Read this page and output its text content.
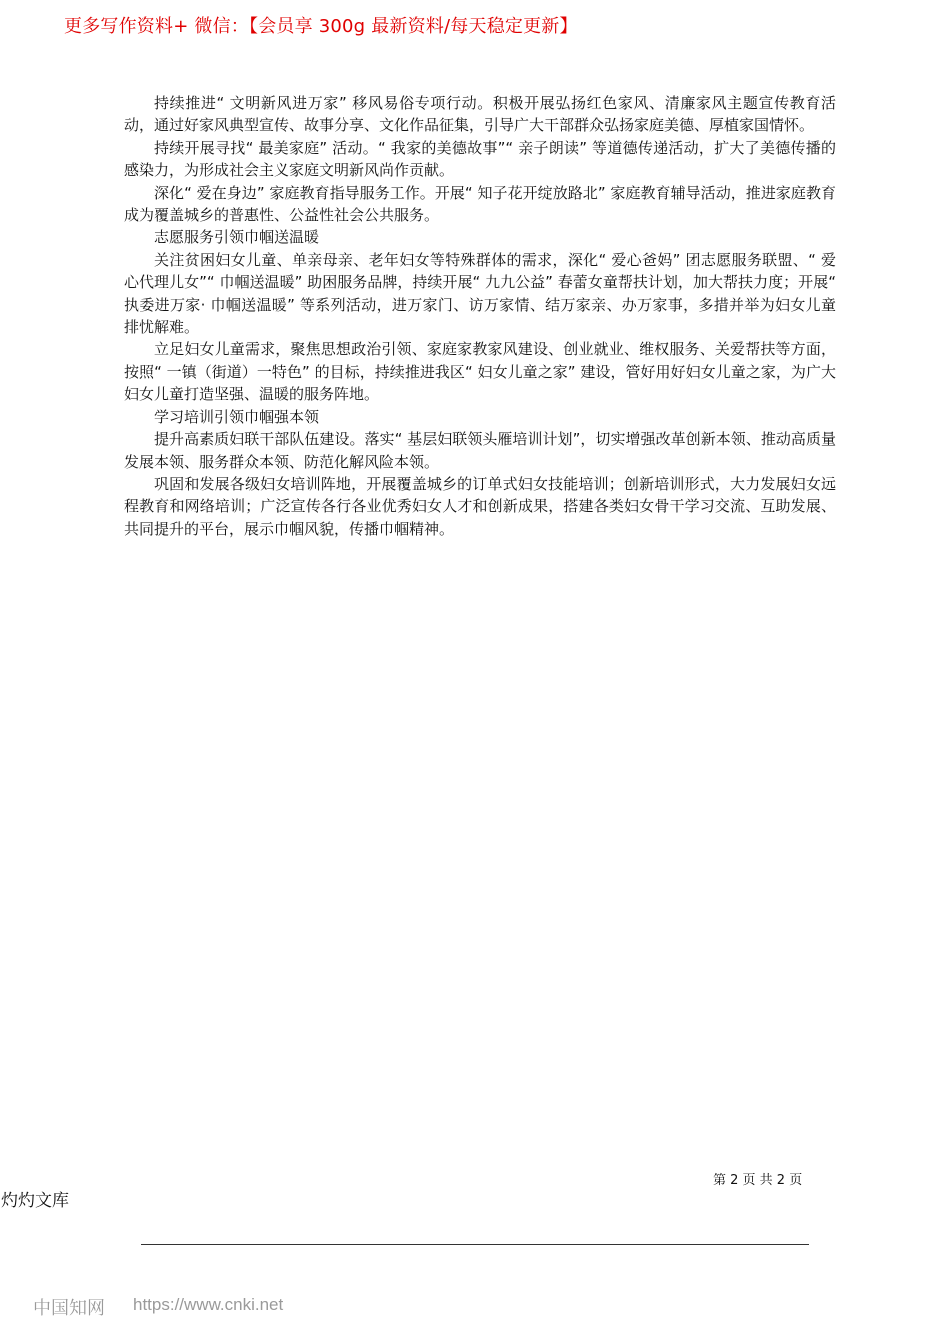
更多写作资料+ 微信：【会员享 300g 最新资料/每天稳定更新】

持续推进“ 文明新风进万家” 移风易俗专项行动。积极开展弘扬红色家风、清廉家风主题宣传教育活动，通过好家风典型宣传、故事分享、文化作品征集，引导广大干部群众弘扬家庭美德、厚植家国情怀。

持续开展寻找“ 最美家庭” 活动。“ 我家的美德故事”“ 亲子朗读” 等道德传递活动，扩大了美德传播的感染力，为形成社会主义家庭文明新风尚作贡献。

深化“ 爱在身边” 家庭教育指导服务工作。开展“ 知子花开绽放路北” 家庭教育辅导活动，推进家庭教育成为覆盖城乡的普惠性、公益性社会公共服务。

志愿服务引领巾帼送温暖

关注贫困妇女儿童、单亲母亲、老年妇女等特殊群体的需求，深化“ 爱心爸妈” 团志愿服务联盟、“ 爱心代理儿女”“ 巾帼送温暖” 助困服务品牌，持续开展“ 九九公益” 春蕾女童帮扶计划，加大帮扶力度；开展“ 执委进万家· 巾帼送温暖” 等系列活动，进万家门、访万家情、结万家亲、办万家事，多措并举为妇女儿童排忧解难。

立足妇女儿童需求，聚焦思想政治引领、家庭家教家风建设、创业就业、维权服务、关爱帮扶等方面，按照“ 一镇（街道）一特色” 的目标，持续推进我区“ 妇女儿童之家” 建设，管好用好妇女儿童之家，为广大妇女儿童打造坚强、温暖的服务阵地。

学习培训引领巾帼强本领

提升高素质妇联干部队伍建设。落实“ 基层妇联领头雁培训计划”，切实增强改革创新本领、推动高质量发展本领、服务群众本领、防范化解风险本领。

巩固和发展各级妇女培训阵地，开展覆盖城乡的订单式妇女技能培训；创新培训形式，大力发展妇女远程教育和网络培训；广泛宣传各行各业优秀妇女人才和创新成果，搭建各类妇女骨干学习交流、互助发展、共同提升的平台，展示巾帼风貌，传播巾帼精神。

第 2 页 共 2 页
灼灼文库
中国知网 https://www.cnki.net
